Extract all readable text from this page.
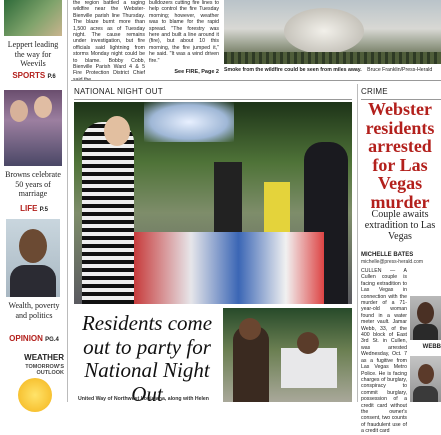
Leppert leading the way for Weevils
SPORTS P.6
Browns celebrate 50 years of marriage
LIFE P.5
Wealth, poverty and politics
OPINION PG.4
WEATHER
TOMORROW'S OUTLOOK
the region battled a raging wildfire near the Webster-Bienville parish line Thursday. The blaze burnt more than 1,500 acres as of Tuesday night. The cause remains under investigation, but fire officials said lightning from storms Monday night could be to blame. Bobby Cobb, Bienville Parish Ward 4 & 5 Fire Protection District Chief
bulldozers cutting fire lines to help control the fire Tuesday morning; however, weather was to blame for the rapid spread. "The forestry was here and built a line around it (fire), but about 10 this morning, the fire jumped it," he said. "It was a wind driven fire."
See FIRE, Page 2 Smoke from the wildfire could be seen from miles away. Bruce Franklin/Press-Herald
NATIONAL NIGHT OUT
Residents come out to party for National Night Out
United Way of Northwest Louisiana, along with Helen
CRIME
Webster residents arrested for Las Vegas murder
Couple awaits extradition to Las Vegas
MICHELLE BATES
michelle@press-herald.com
CULLEN — A Cullen couple is facing extradition to Las Vegas in connection with the murder of a 71-year-old woman found in a water meter vault. Jamar Webb, 33, of the 400 block of East 3rd St. in Cullen, was arrested Wednesday, Oct. 7 as a fugitive from Las Vegas Metro Police. He is facing charges of burglary, conspiracy to commit burglary, possession of a credit card without the owner's consent, two counts of fraudulent use of a credit card
WEBB
